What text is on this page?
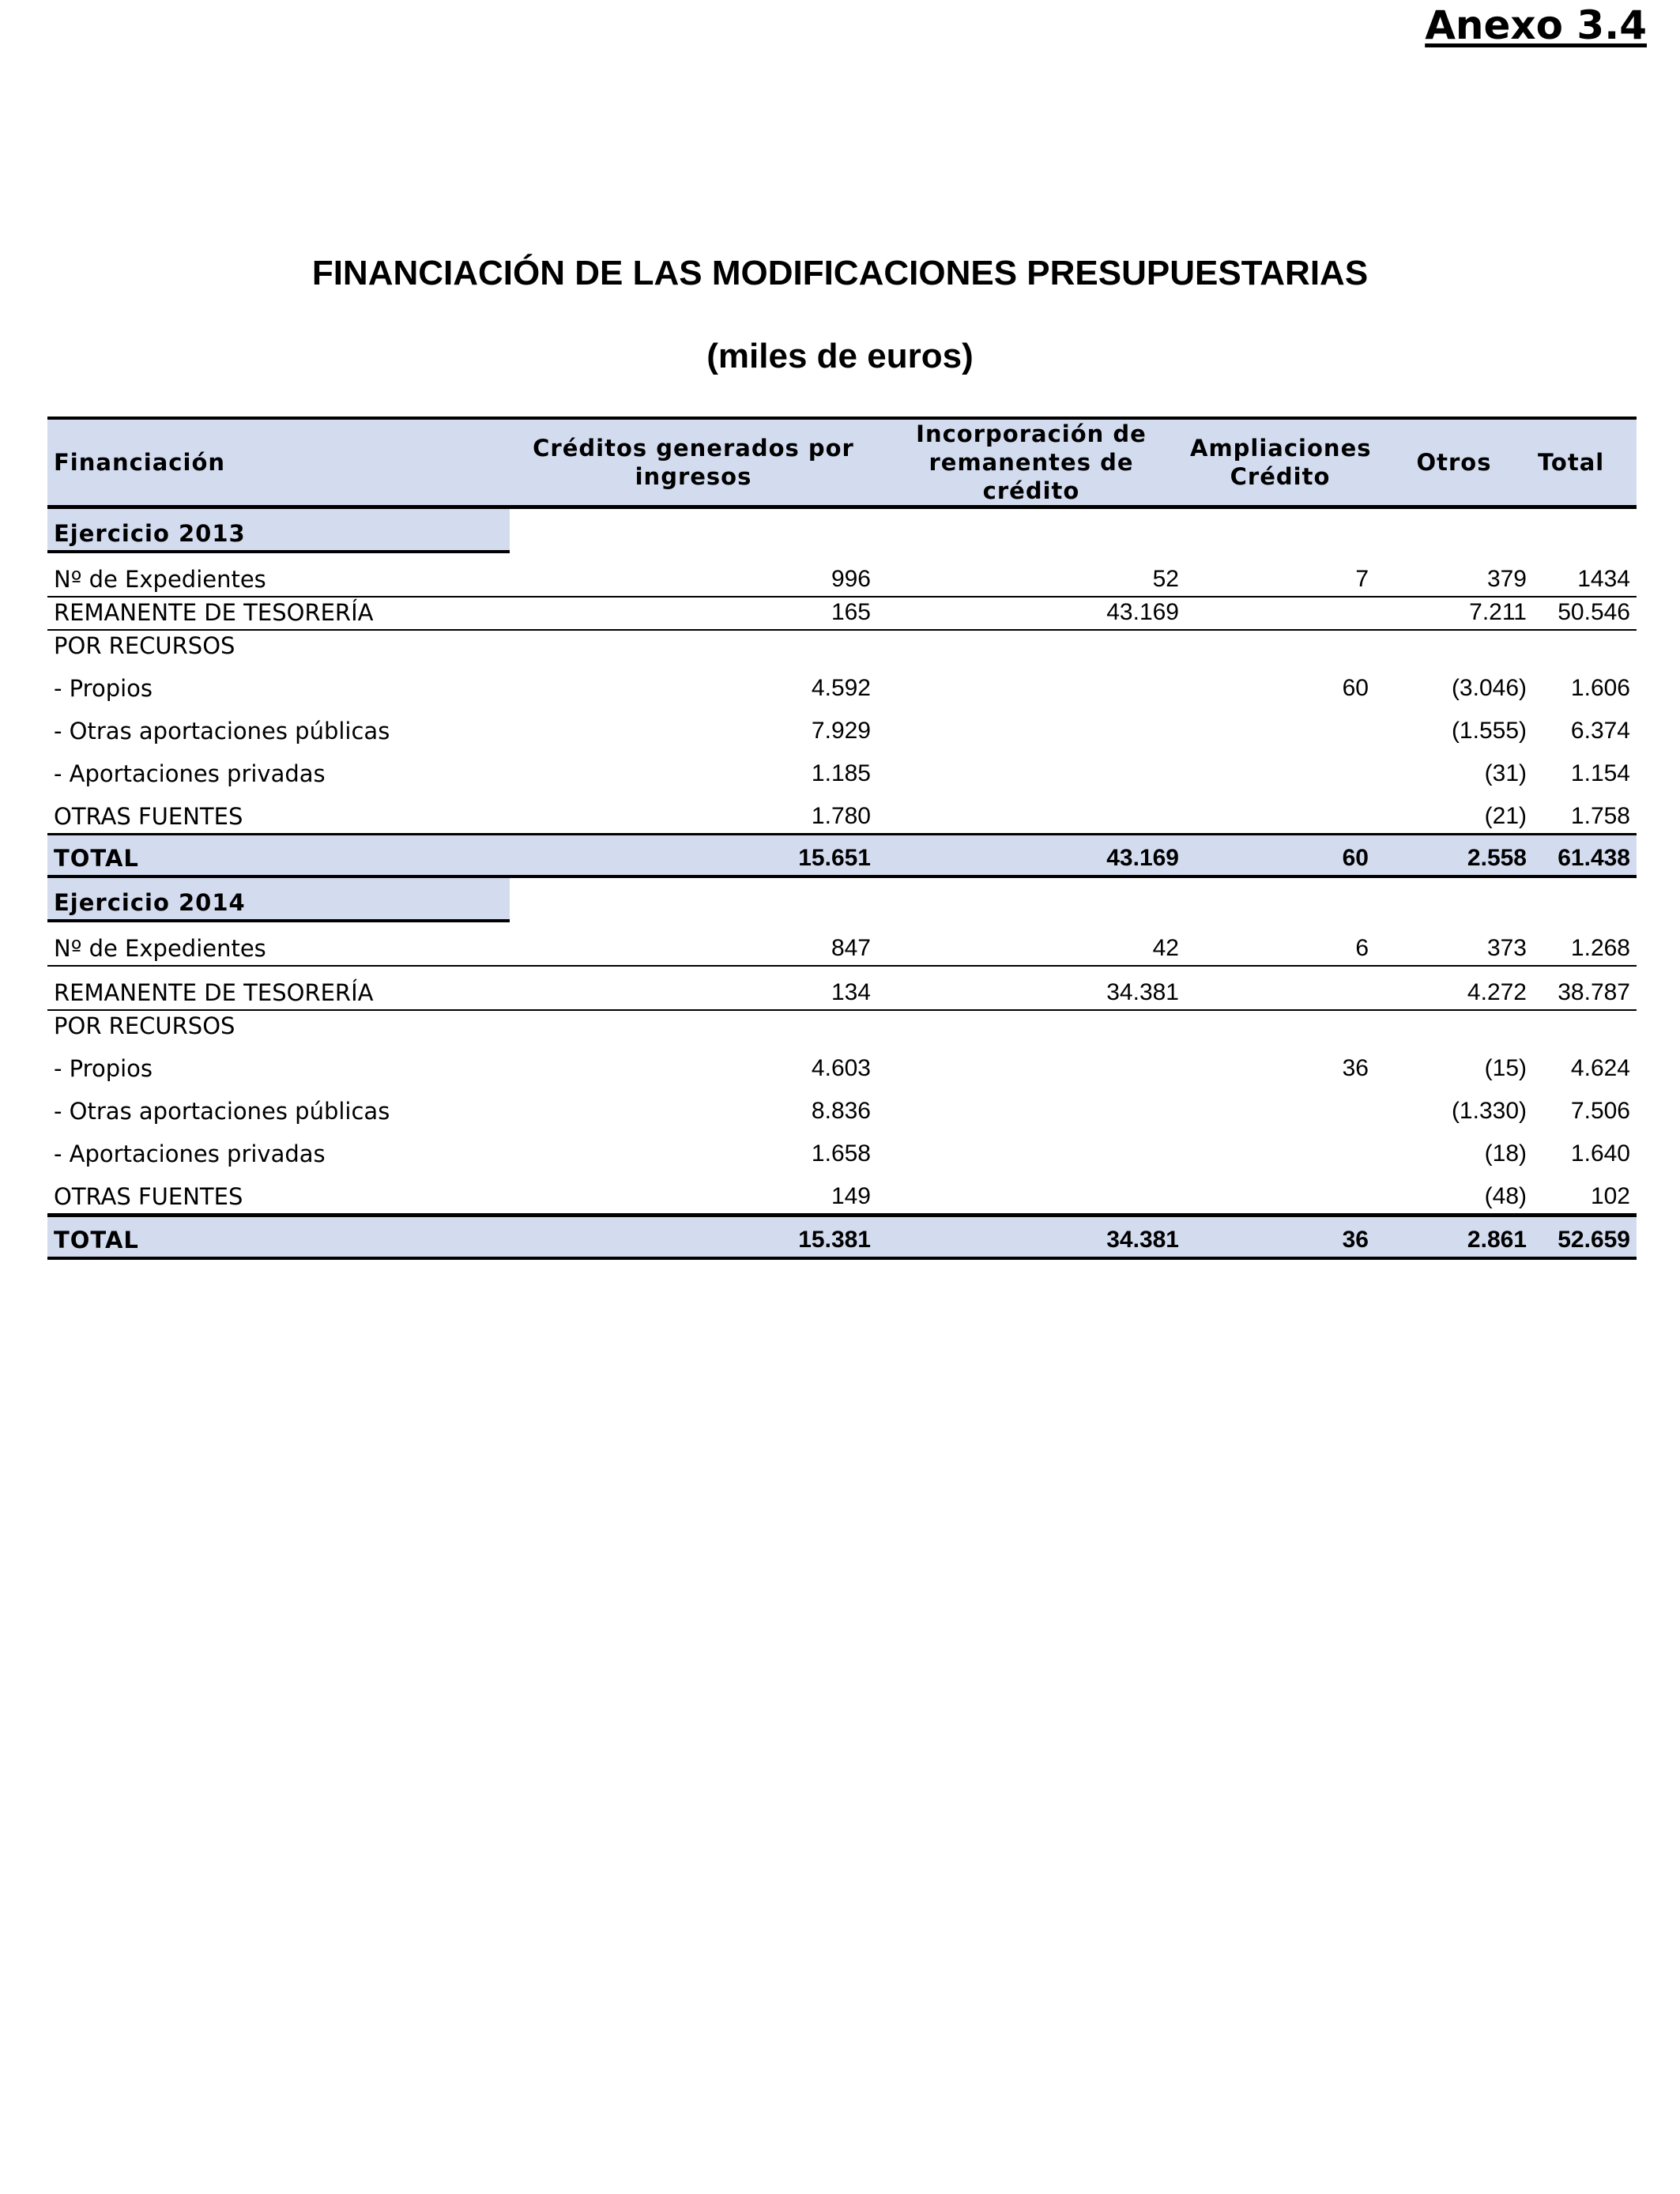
Anexo 3.4
FINANCIACIÓN DE LAS MODIFICACIONES PRESUPUESTARIAS
(miles de euros)
Financiación	Créditos generados por ingresos	Incorporación de remanentes de crédito	Ampliaciones Crédito	Otros	Total
Ejercicio 2013					
Nº de Expedientes	996	52	7	379	1434
REMANENTE DE TESORERÍA	165	43.169		7.211	50.546
POR RECURSOS					
- Propios	4.592		60	(3.046)	1.606
- Otras aportaciones públicas	7.929			(1.555)	6.374
- Aportaciones privadas	1.185			(31)	1.154
OTRAS FUENTES	1.780			(21)	1.758
TOTAL	15.651	43.169	60	2.558	61.438
Ejercicio 2014					
Nº de Expedientes	847	42	6	373	1.268
REMANENTE DE TESORERÍA	134	34.381		4.272	38.787
POR RECURSOS					
- Propios	4.603		36	(15)	4.624
- Otras aportaciones públicas	8.836			(1.330)	7.506
- Aportaciones privadas	1.658			(18)	1.640
OTRAS FUENTES	149			(48)	102
TOTAL	15.381	34.381	36	2.861	52.659
